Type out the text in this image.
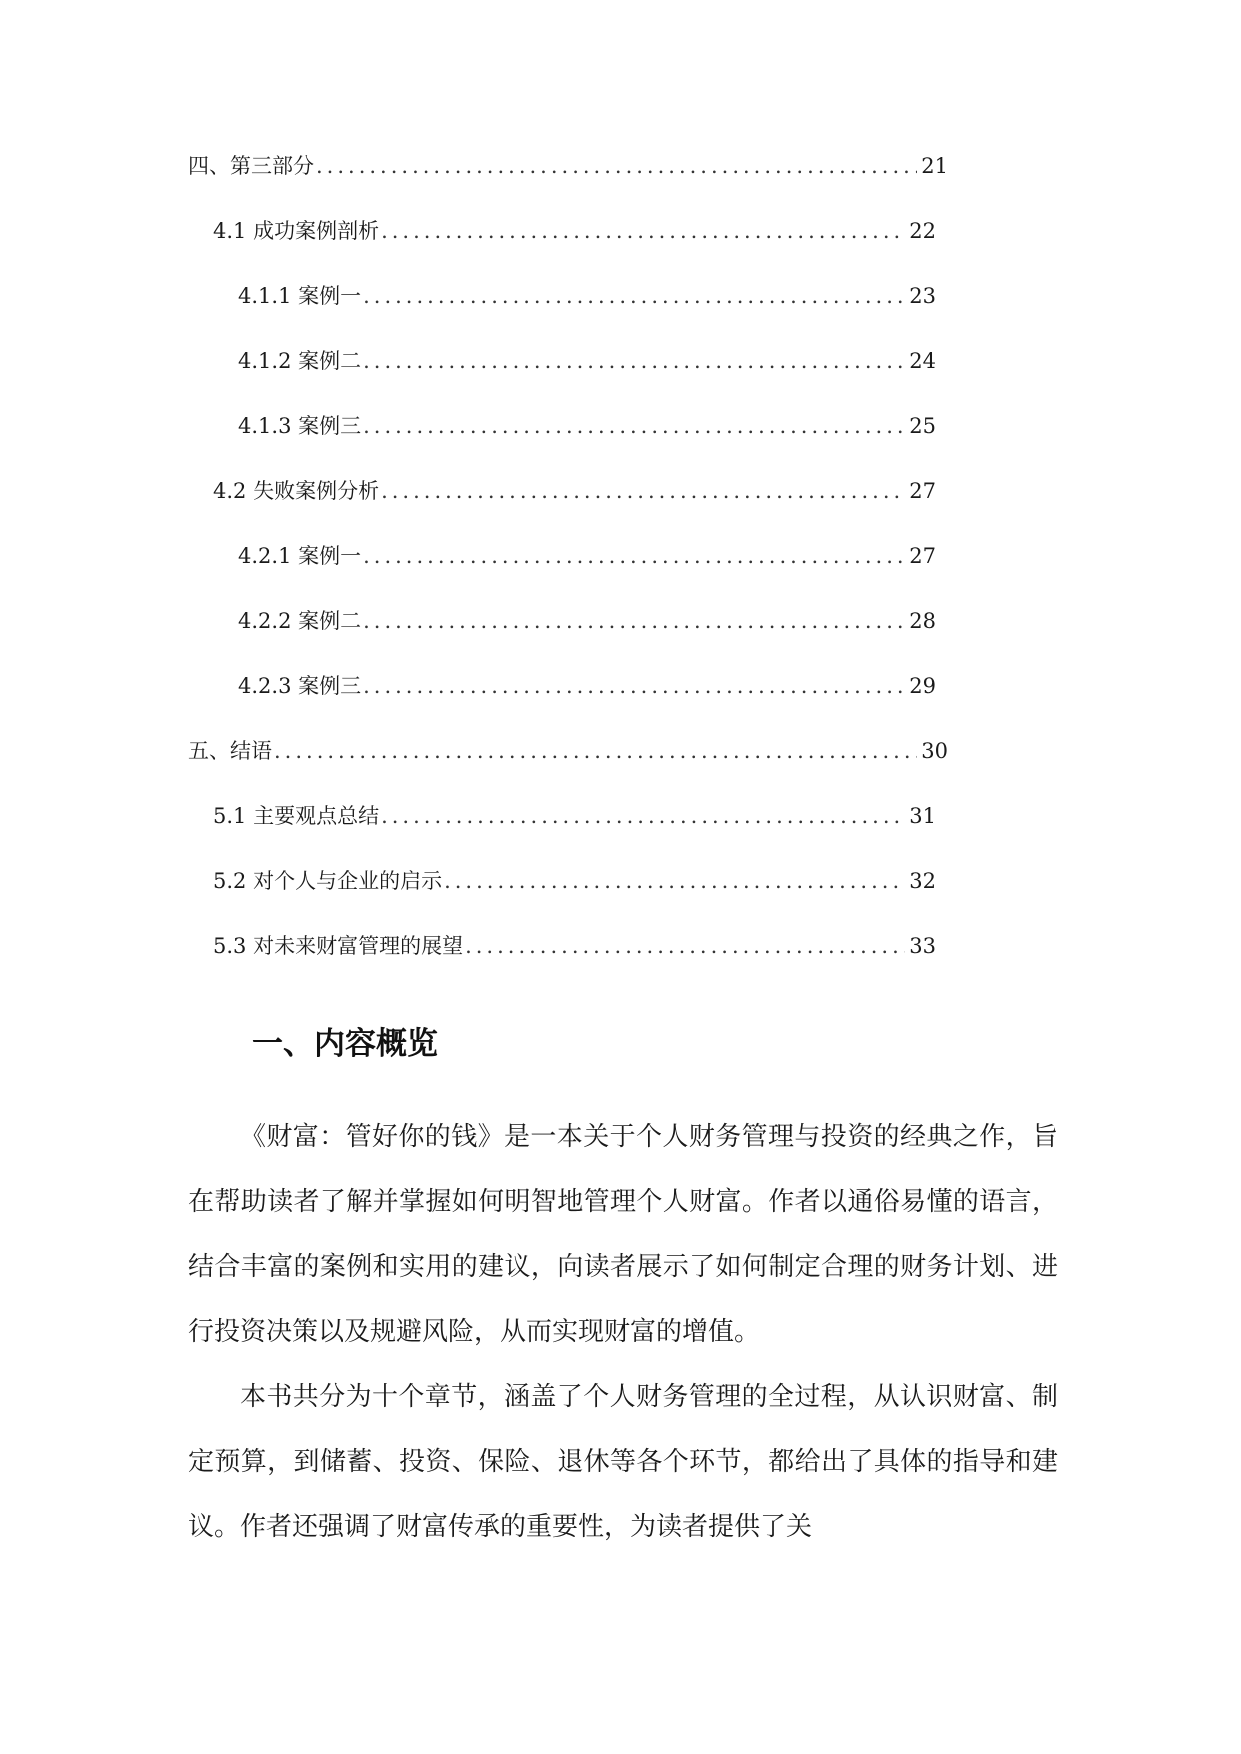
四、第三部分 .....	21
4.1 成功案例剖析 .....	22
4.1.1 案例一 .....	23
4.1.2 案例二 .....	24
4.1.3 案例三 .....	25
4.2 失败案例分析 .....	27
4.2.1 案例一 .....	27
4.2.2 案例二 .....	28
4.2.3 案例三 .....	29
五、结语 .....	30
5.1 主要观点总结 .....	31
5.2 对个人与企业的启示 .....	32
5.3 对未来财富管理的展望 .....	33
一、内容概览

《财富：管好你的钱》是一本关于个人财务管理与投资的经典之作，旨在帮助读者了解并掌握如何明智地管理个人财富。作者以通俗易懂的语言，结合丰富的案例和实用的建议，向读者展示了如何制定合理的财务计划、进行投资决策以及规避风险，从而实现财富的增值。

本书共分为十个章节，涵盖了个人财务管理的全过程，从认识财富、制定预算，到储蓄、投资、保险、退休等各个环节，都给出了具体的指导和建议。作者还强调了财富传承的重要性，为读者提供了关
